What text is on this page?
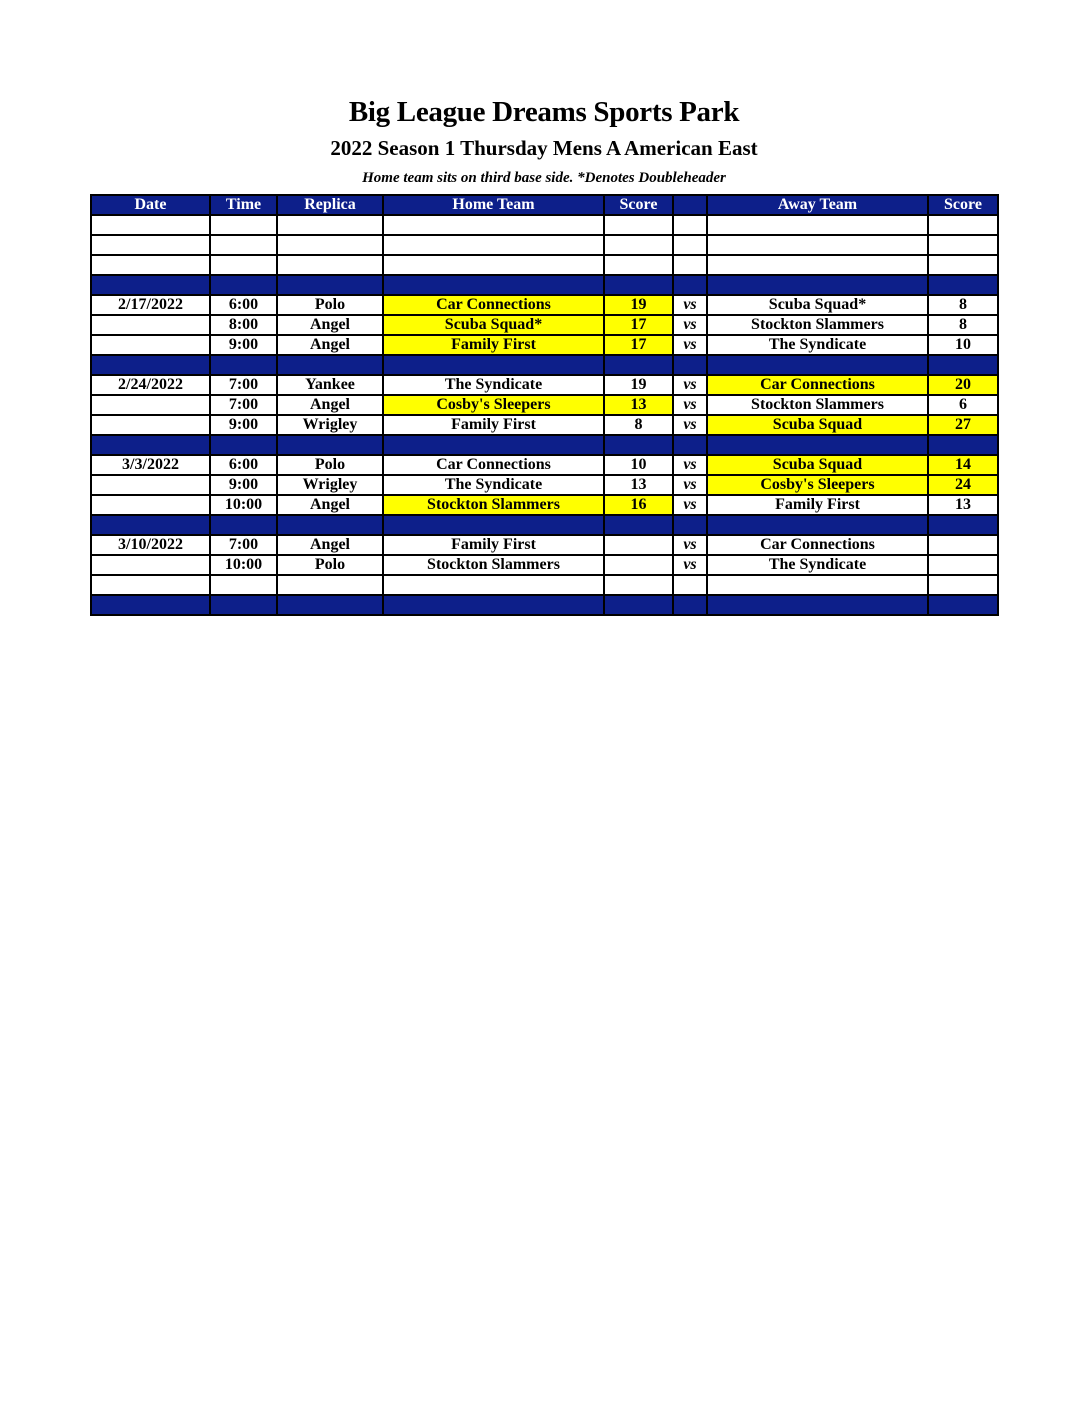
Big League Dreams Sports Park
2022 Season 1 Thursday Mens A American East
Home team sits on third base side. *Denotes Doubleheader
Date	Time	Replica	Home Team	Score		Away Team	Score

2/17/2022	6:00	Polo	Car Connections	19	vs	Scuba Squad*	8
	8:00	Angel	Scuba Squad*	17	vs	Stockton Slammers	8
	9:00	Angel	Family First	17	vs	The Syndicate	10

2/24/2022	7:00	Yankee	The Syndicate	19	vs	Car Connections	20
	7:00	Angel	Cosby's Sleepers	13	vs	Stockton Slammers	6
	9:00	Wrigley	Family First	8	vs	Scuba Squad	27

3/3/2022	6:00	Polo	Car Connections	10	vs	Scuba Squad	14
	9:00	Wrigley	The Syndicate	13	vs	Cosby's Sleepers	24
	10:00	Angel	Stockton Slammers	16	vs	Family First	13

3/10/2022	7:00	Angel	Family First		vs	Car Connections	
	10:00	Polo	Stockton Slammers		vs	The Syndicate	
